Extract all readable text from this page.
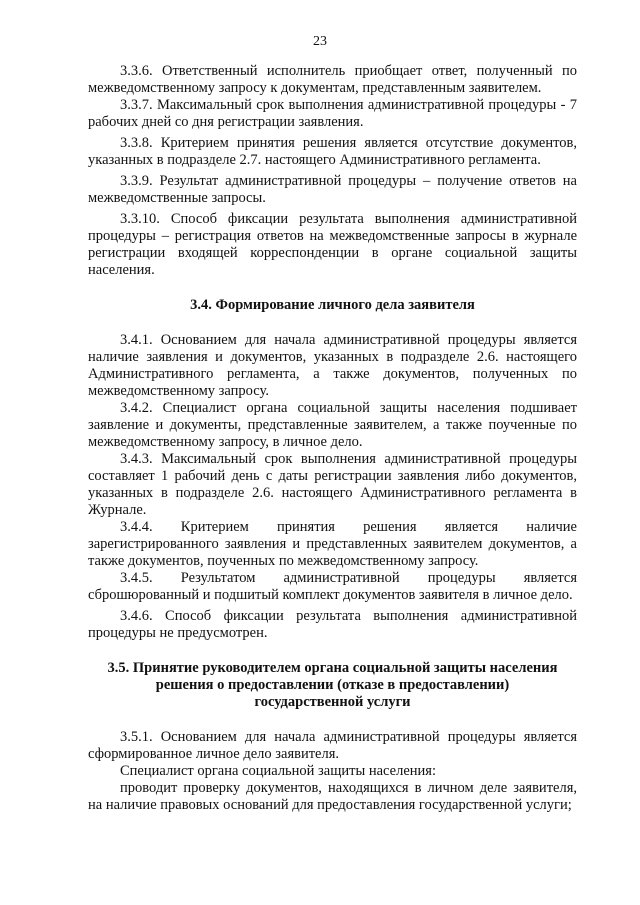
23

3.3.6. Ответственный исполнитель приобщает ответ, полученный по межведомственному запросу к документам, представленным заявителем.

3.3.7. Максимальный срок выполнения административной процедуры - 7 рабочих дней со дня регистрации заявления.

3.3.8. Критерием принятия решения является отсутствие документов, указанных в подразделе 2.7. настоящего Административного регламента.

3.3.9. Результат административной процедуры – получение ответов на межведомственные запросы.

3.3.10. Способ фиксации результата выполнения административной процедуры – регистрация ответов на межведомственные запросы в журнале регистрации входящей корреспонденции в органе социальной защиты населения.

3.4. Формирование личного дела заявителя

3.4.1. Основанием для начала административной процедуры является наличие заявления и документов, указанных в подразделе 2.6. настоящего Административного регламента, а также документов, полученных по межведомственному запросу.

3.4.2. Специалист органа социальной защиты населения подшивает заявление и документы, представленные заявителем, а также поученные по межведомственному запросу, в личное дело.

3.4.3. Максимальный срок выполнения административной процедуры составляет 1 рабочий день с даты регистрации заявления либо документов, указанных в подразделе 2.6. настоящего Административного регламента в Журнале.

3.4.4. Критерием принятия решения является наличие зарегистрированного заявления и представленных заявителем документов, а также документов, поученных по межведомственному запросу.

3.4.5. Результатом административной процедуры является сброшюрованный и подшитый комплект документов заявителя в личное дело.

3.4.6. Способ фиксации результата выполнения административной процедуры не предусмотрен.

3.5. Принятие руководителем органа социальной защиты населения решения о предоставлении (отказе в предоставлении) государственной услуги

3.5.1. Основанием для начала административной процедуры является сформированное личное дело заявителя.

Специалист органа социальной защиты населения:

проводит проверку документов, находящихся в личном деле заявителя, на наличие правовых оснований для предоставления государственной услуги;
